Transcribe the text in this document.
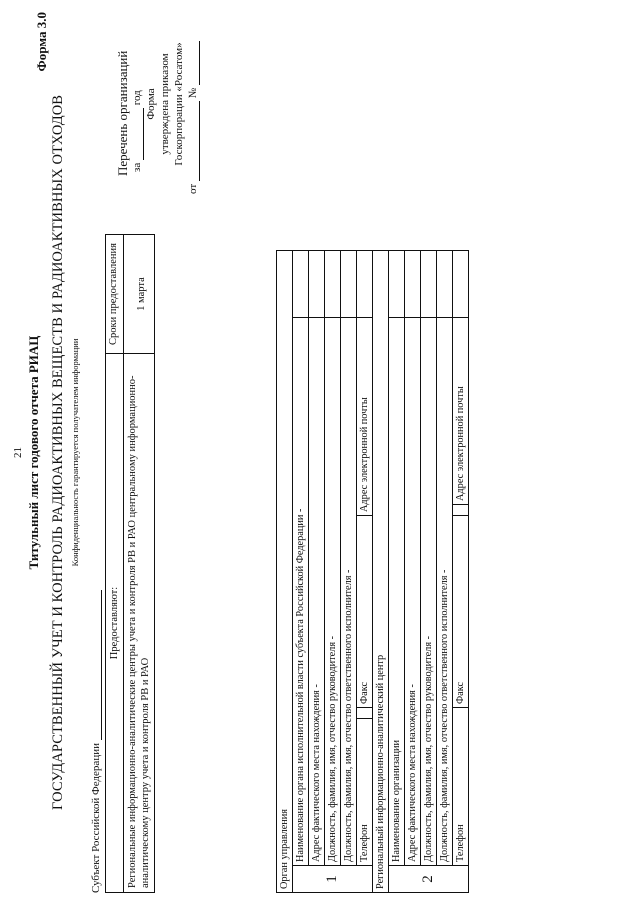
21 Титульный лист годового отчета РИАЦ
Форма 3.0
ГОСУДАРСТВЕННЫЙ УЧЕТ И КОНТРОЛЬ РАДИОАКТИВНЫХ ВЕЩЕСТВ И РАДИОАКТИВНЫХ ОТХОДОВ Конфиденциальность гарантируется получателем информации
Субъект Российской Федерации
Предоставляют:	Сроки предоставления
Региональные информационно-аналитические центры учета и контроля РВ и РАО центральному информационно-аналитическому центру учета и контроля РВ и РАО	1 марта
Перечень организаций за  год Форма утверждена приказом Госкорпорации «Росатом»
от  №
Орган управления						
1	Наименование органа исполнительной власти субъекта Российской Федерации -					
	Адрес фактического места нахождения -					
	Должность, фамилия, имя, отчество руководителя -					
	Должность, фамилия, имя, отчество ответственного исполнителя -					
	Телефон		Факс	Адрес электронной почты		
Региональный информационно-аналитический центр						
2	Наименование организации					
	Адрес фактического места нахождения -					
	Должность, фамилия, имя, отчество руководителя -					
	Должность, фамилия, имя, отчество ответственного исполнителя -					
	Телефон		Факс		Адрес электронной почты	
